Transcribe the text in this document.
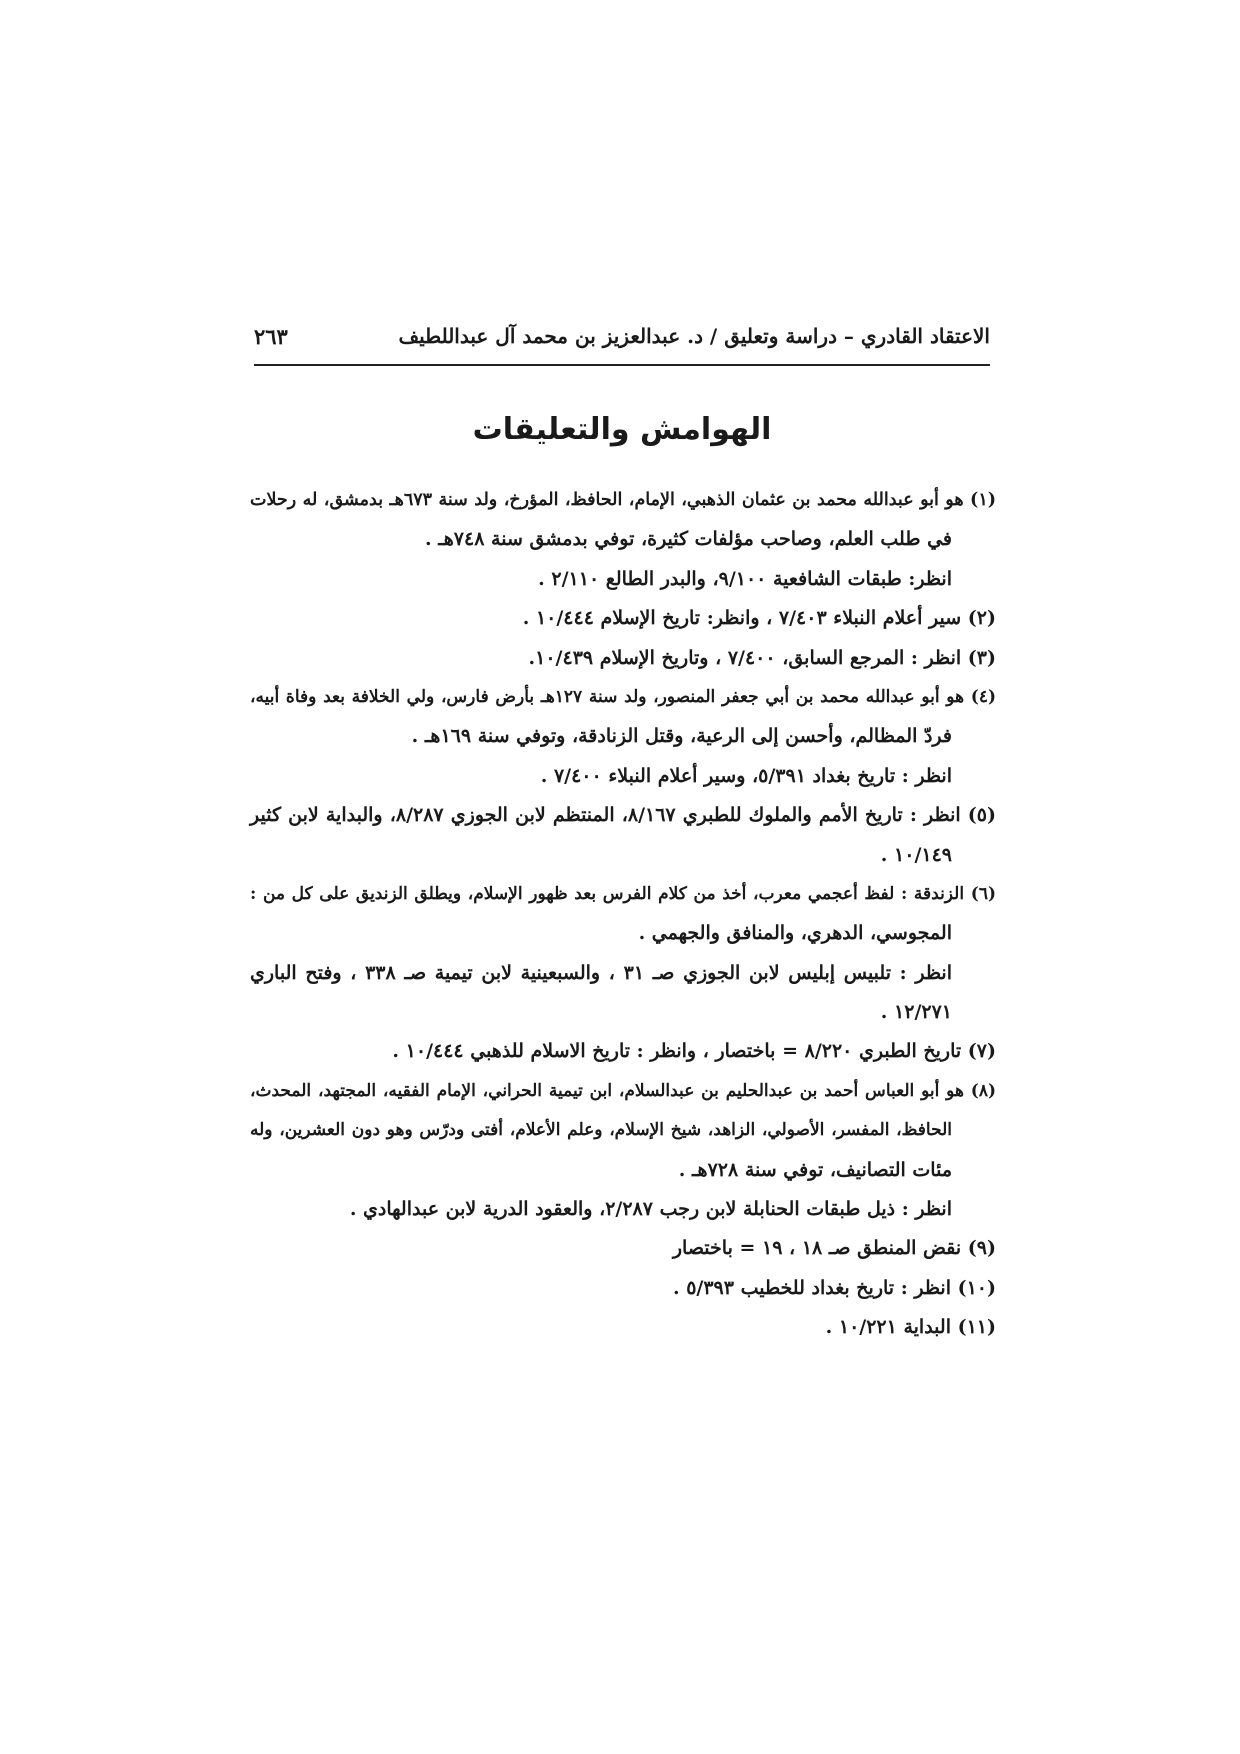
الاعتقاد القادري – دراسة وتعليق / د. عبدالعزيز بن محمد آل عبداللطيف
٢٦٣
الهوامش والتعليقات
(١) هو أبو عبدالله محمد بن عثمان الذهبي، الإمام، الحافظ، المؤرخ، ولد سنة ٦٧٣هـ بدمشق، له رحلات
في طلب العلم، وصاحب مؤلفات كثيرة، توفي بدمشق سنة ٧٤٨هـ .
انظر: طبقات الشافعية ٩/١٠٠، والبدر الطالع ٢/١١٠ .
(٢) سير أعلام النبلاء ٧/٤٠٣ ، وانظر: تاريخ الإسلام ١٠/٤٤٤ .
(٣) انظر : المرجع السابق، ٧/٤٠٠ ، وتاريخ الإسلام ١٠/٤٣٩.
(٤) هو أبو عبدالله محمد بن أبي جعفر المنصور، ولد سنة ١٢٧هـ بأرض فارس، ولي الخلافة بعد وفاة أبيه،
فردّ المظالم، وأحسن إلى الرعية، وقتل الزنادقة، وتوفي سنة ١٦٩هـ .
انظر : تاريخ بغداد ٥/٣٩١، وسير أعلام النبلاء ٧/٤٠٠ .
(٥) انظر : تاريخ الأمم والملوك للطبري ٨/١٦٧، المنتظم لابن الجوزي ٨/٢٨٧، والبداية لابن كثير
١٠/١٤٩ .
(٦) الزندقة : لفظ أعجمي معرب، أخذ من كلام الفرس بعد ظهور الإسلام، ويطلق الزنديق على كل من :
المجوسي، الدهري، والمنافق والجهمي .
انظر : تلبيس إبليس لابن الجوزي صـ ٣١ ، والسبعينية لابن تيمية صـ ٣٣٨ ، وفتح الباري
١٢/٢٧١ .
(٧) تاريخ الطبري ٨/٢٢٠ = باختصار ، وانظر : تاريخ الاسلام للذهبي ١٠/٤٤٤ .
(٨) هو أبو العباس أحمد بن عبدالحليم بن عبدالسلام، ابن تيمية الحراني، الإمام الفقيه، المجتهد، المحدث،
الحافظ، المفسر، الأصولي، الزاهد، شيخ الإسلام، وعلم الأعلام، أفتى ودرّس وهو دون العشرين، وله
مئات التصانيف، توفي سنة ٧٢٨هـ .
انظر : ذيل طبقات الحنابلة لابن رجب ٢/٢٨٧، والعقود الدرية لابن عبدالهادي .
(٩) نقض المنطق صـ ١٨ ، ١٩ = باختصار
(١٠) انظر : تاريخ بغداد للخطيب ٥/٣٩٣ .
(١١) البداية ١٠/٢٢١ .
